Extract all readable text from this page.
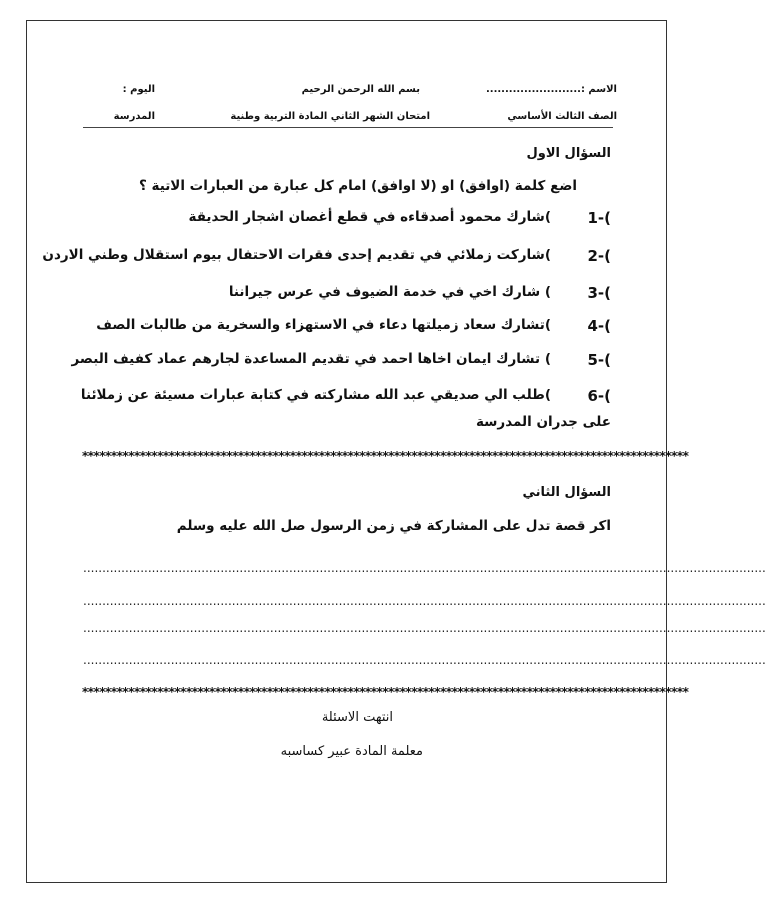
اليوم :	بسم الله الرحمن الرحيم	الاسم :.........................
المدرسة	امتحان الشهر الثاني المادة التربية وطنية	الصف الثالث الأساسي
السؤال الاول
اضع كلمة (اوافق) او (لا اوافق) امام كل عبارة من العبارات الاتية ؟
1-(
)شارك محمود أصدقاءه في قطع أغصان اشجار الحديقة
2-(
)شاركت زملائي في تقديم إحدى فقرات الاحتفال بيوم استقلال وطني الاردن
3-(
) شارك اخي في خدمة الضيوف في عرس جيراننا
4-(
)تشارك سعاد زميلتها دعاء في الاستهزاء والسخرية من طالبات الصف
5-(
) تشارك ايمان اخاها احمد في تقديم المساعدة لجارهم عماد كفيف البصر
6-(
)طلب الي صديقي عبد الله مشاركته في كتابة عبارات مسيئة عن زملائنا
على جدران المدرسة
*********************************************************************************************************
السؤال الثاني
اكر قصة تدل على المشاركة في زمن الرسول صل الله عليه وسلم
...................................................................................................................................................................................
...................................................................................................................................................................................
...................................................................................................................................................................................
...................................................................................................................................................................................
*********************************************************************************************************
انتهت الاسئلة
معلمة المادة عبير كساسبه
